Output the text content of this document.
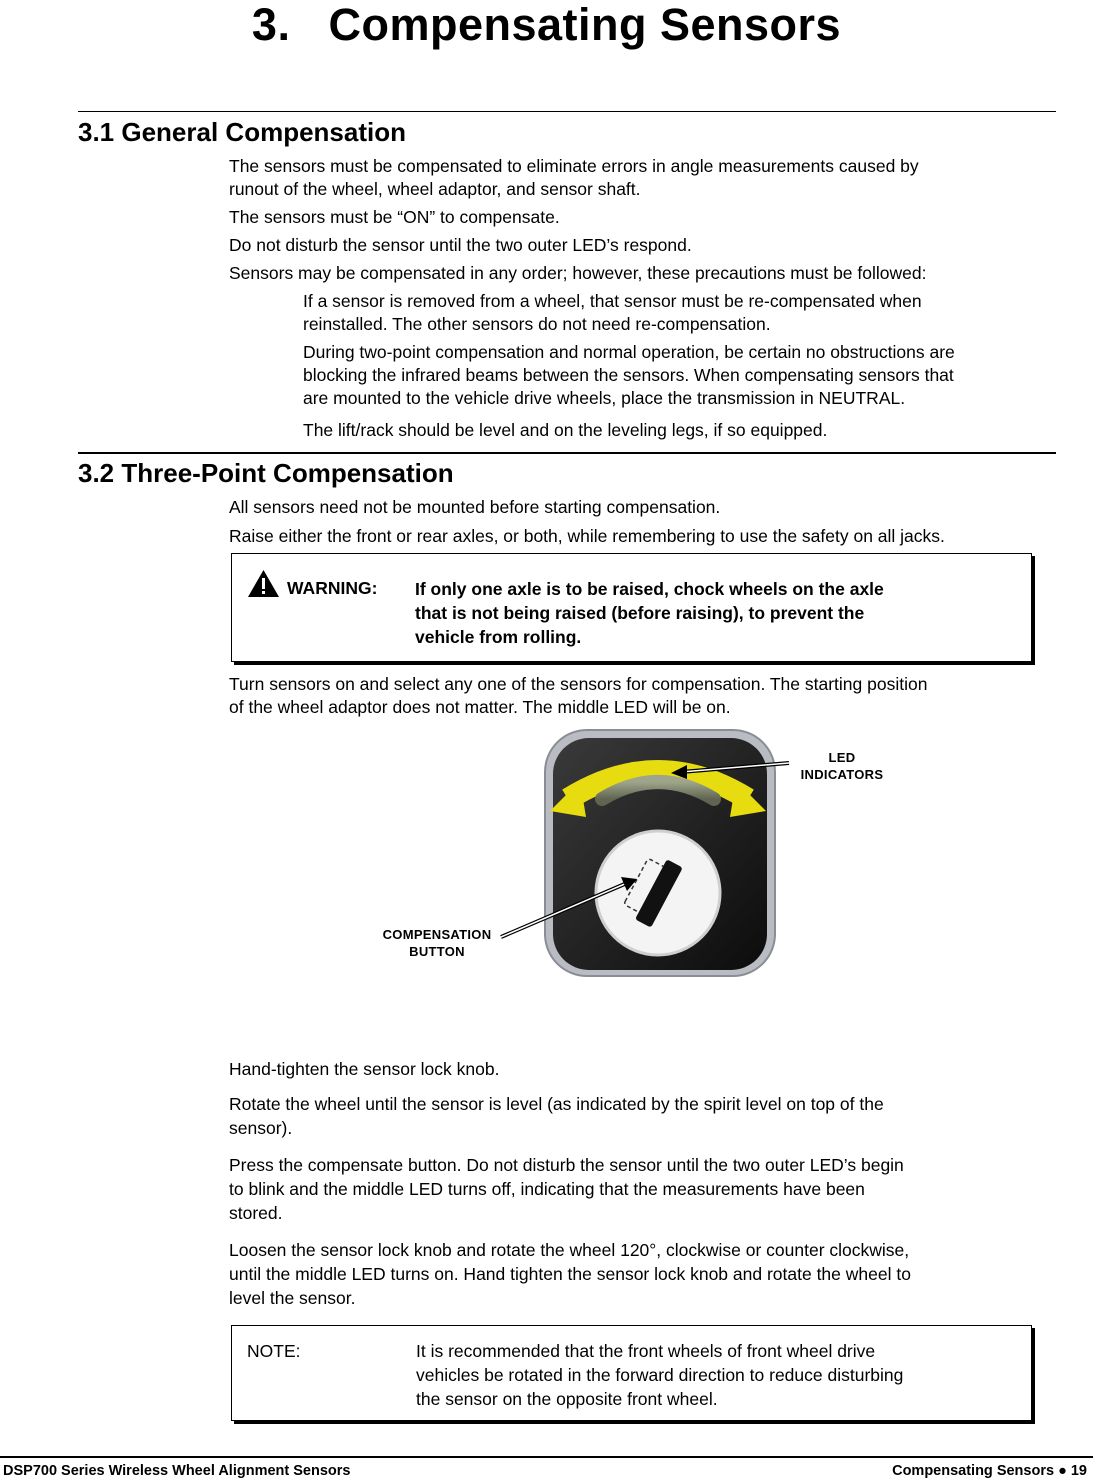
3. Compensating Sensors
3.1 General Compensation
The sensors must be compensated to eliminate errors in angle measurements caused by
runout of the wheel, wheel adaptor, and sensor shaft.
The sensors must be “ON” to compensate.
Do not disturb the sensor until the two outer LED’s respond.
Sensors may be compensated in any order; however, these precautions must be followed:
If a sensor is removed from a wheel, that sensor must be re-compensated when
reinstalled. The other sensors do not need re-compensation.
During two-point compensation and normal operation, be certain no obstructions are
blocking the infrared beams between the sensors. When compensating sensors that
are mounted to the vehicle drive wheels, place the transmission in NEUTRAL.
The lift/rack should be level and on the leveling legs, if so equipped.
3.2 Three-Point Compensation
All sensors need not be mounted before starting compensation.
Raise either the front or rear axles, or both, while remembering to use the safety on all jacks.
WARNING: If only one axle is to be raised, chock wheels on the axle
that is not being raised (before raising), to prevent the
vehicle from rolling.
Turn sensors on and select any one of the sensors for compensation. The starting position
of the wheel adaptor does not matter. The middle LED will be on.
LED
INDICATORS
COMPENSATION
BUTTON
Hand-tighten the sensor lock knob.
Rotate the wheel until the sensor is level (as indicated by the spirit level on top of the
sensor).
Press the compensate button. Do not disturb the sensor until the two outer LED’s begin
to blink and the middle LED turns off, indicating that the measurements have been
stored.
Loosen the sensor lock knob and rotate the wheel 120°, clockwise or counter clockwise,
until the middle LED turns on. Hand tighten the sensor lock knob and rotate the wheel to
level the sensor.
NOTE:	It is recommended that the front wheels of front wheel drive
vehicles be rotated in the forward direction to reduce disturbing
the sensor on the opposite front wheel.
DSP700 Series Wireless Wheel Alignment Sensors	Compensating Sensors ● 19
